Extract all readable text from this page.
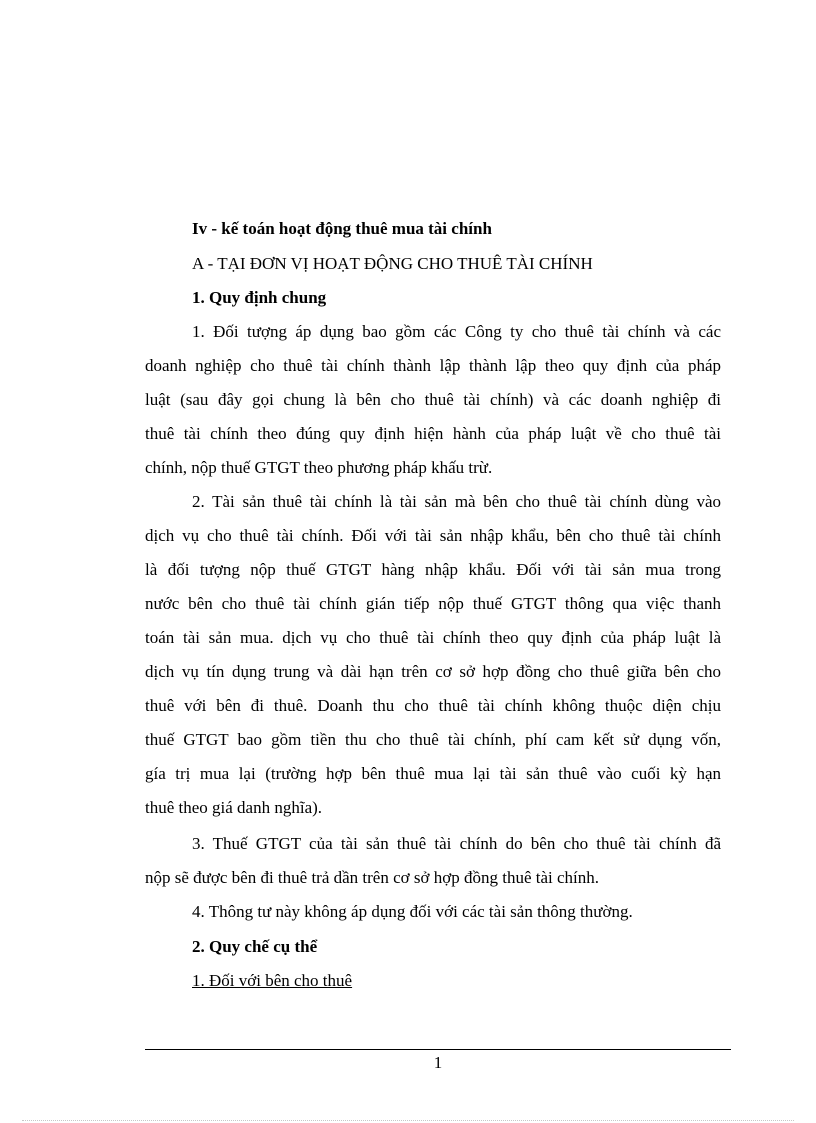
Iv - kế toán hoạt động thuê mua tài chính
A - TẠI ĐƠN VỊ HOẠT ĐỘNG CHO THUÊ TÀI CHÍNH
1. Quy định chung
1. Đối tượng áp dụng bao gồm các Công ty cho thuê tài chính và các
doanh nghiệp cho thuê tài chính thành lập thành lập theo quy định của pháp
luật (sau đây gọi chung là bên cho thuê tài chính) và các doanh nghiệp đi
thuê tài chính theo đúng quy định hiện hành của pháp luật về cho thuê tài
chính, nộp thuế GTGT theo phương pháp khấu trừ.
2. Tài sản thuê tài chính là tài sản mà bên cho thuê tài chính dùng vào
dịch vụ cho thuê tài chính. Đối với tài sản nhập khẩu, bên cho thuê tài chính
là đối tượng nộp thuế GTGT hàng nhập khẩu. Đối với tài sản mua trong
nước bên cho thuê tài chính gián tiếp nộp thuế GTGT thông qua việc thanh
toán tài sản mua. dịch vụ cho thuê tài chính theo quy định của pháp luật là
dịch vụ tín dụng trung và dài hạn trên cơ sở hợp đồng cho thuê giữa bên cho
thuê với bên đi thuê. Doanh thu cho thuê tài chính không thuộc diện chịu
thuế GTGT bao gồm tiền thu cho thuê tài chính, phí cam kết sử dụng vốn,
gía trị mua lại (trường hợp bên thuê mua lại tài sản thuê vào cuối kỳ hạn
thuê theo giá danh nghĩa).
3. Thuế GTGT của tài sản thuê tài chính do bên cho thuê tài chính đã
nộp sẽ được bên đi thuê trả dần trên cơ sở hợp đồng thuê tài chính.
4. Thông tư này không áp dụng đối với các tài sản thông thường.
2. Quy chế cụ thể
1. Đối với bên cho thuê
1
